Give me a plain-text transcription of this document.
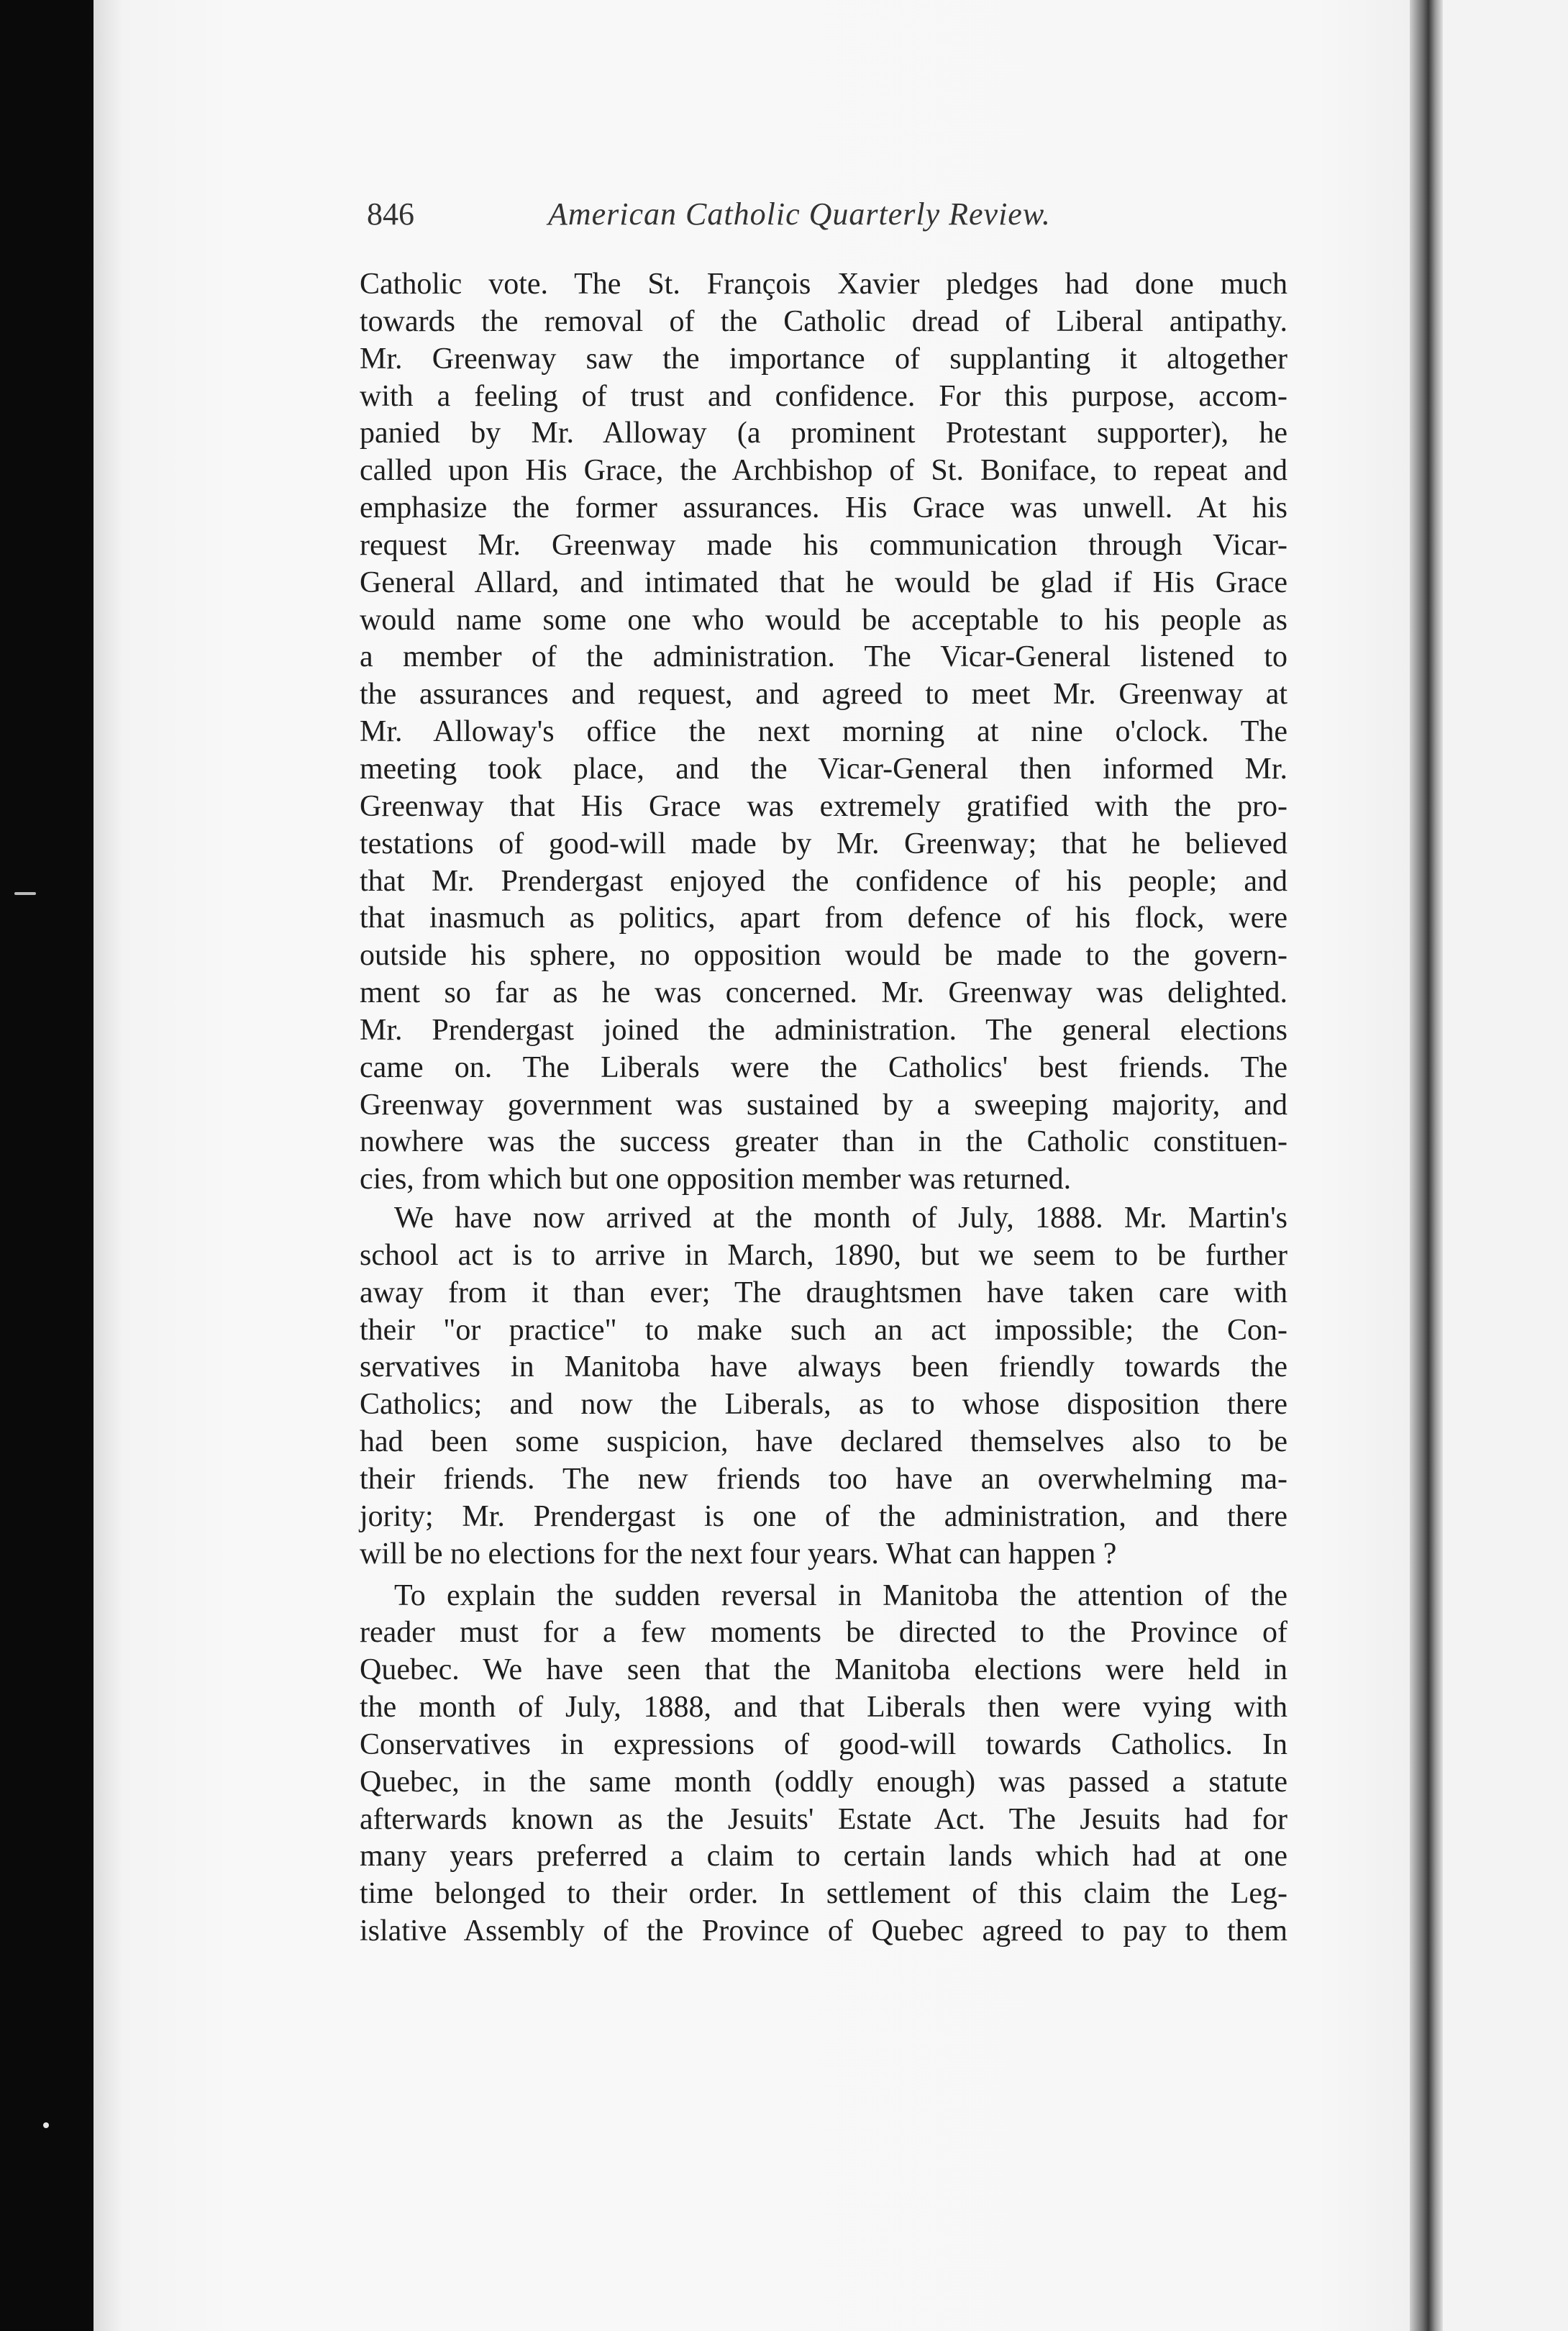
846	American Catholic Quarterly Review.
Catholic vote. The St. François Xavier pledges had done much
towards the removal of the Catholic dread of Liberal antipathy.
Mr. Greenway saw the importance of supplanting it altogether
with a feeling of trust and confidence. For this purpose, accom-
panied by Mr. Alloway (a prominent Protestant supporter), he
called upon His Grace, the Archbishop of St. Boniface, to repeat and
emphasize the former assurances. His Grace was unwell. At his
request Mr. Greenway made his communication through Vicar-
General Allard, and intimated that he would be glad if His Grace
would name some one who would be acceptable to his people as
a member of the administration. The Vicar-General listened to
the assurances and request, and agreed to meet Mr. Greenway at
Mr. Alloway's office the next morning at nine o'clock. The
meeting took place, and the Vicar-General then informed Mr.
Greenway that His Grace was extremely gratified with the pro-
testations of good-will made by Mr. Greenway; that he believed
that Mr. Prendergast enjoyed the confidence of his people; and
that inasmuch as politics, apart from defence of his flock, were
outside his sphere, no opposition would be made to the govern-
ment so far as he was concerned. Mr. Greenway was delighted.
Mr. Prendergast joined the administration. The general elections
came on. The Liberals were the Catholics' best friends. The
Greenway government was sustained by a sweeping majority, and
nowhere was the success greater than in the Catholic constituen-
cies, from which but one opposition member was returned.
We have now arrived at the month of July, 1888. Mr. Martin's
school act is to arrive in March, 1890, but we seem to be further
away from it than ever; The draughtsmen have taken care with
their "or practice" to make such an act impossible; the Con-
servatives in Manitoba have always been friendly towards the
Catholics; and now the Liberals, as to whose disposition there
had been some suspicion, have declared themselves also to be
their friends. The new friends too have an overwhelming ma-
jority; Mr. Prendergast is one of the administration, and there
will be no elections for the next four years. What can happen ?
To explain the sudden reversal in Manitoba the attention of the
reader must for a few moments be directed to the Province of
Quebec. We have seen that the Manitoba elections were held in
the month of July, 1888, and that Liberals then were vying with
Conservatives in expressions of good-will towards Catholics. In
Quebec, in the same month (oddly enough) was passed a statute
afterwards known as the Jesuits' Estate Act. The Jesuits had for
many years preferred a claim to certain lands which had at one
time belonged to their order. In settlement of this claim the Leg-
islative Assembly of the Province of Quebec agreed to pay to them
